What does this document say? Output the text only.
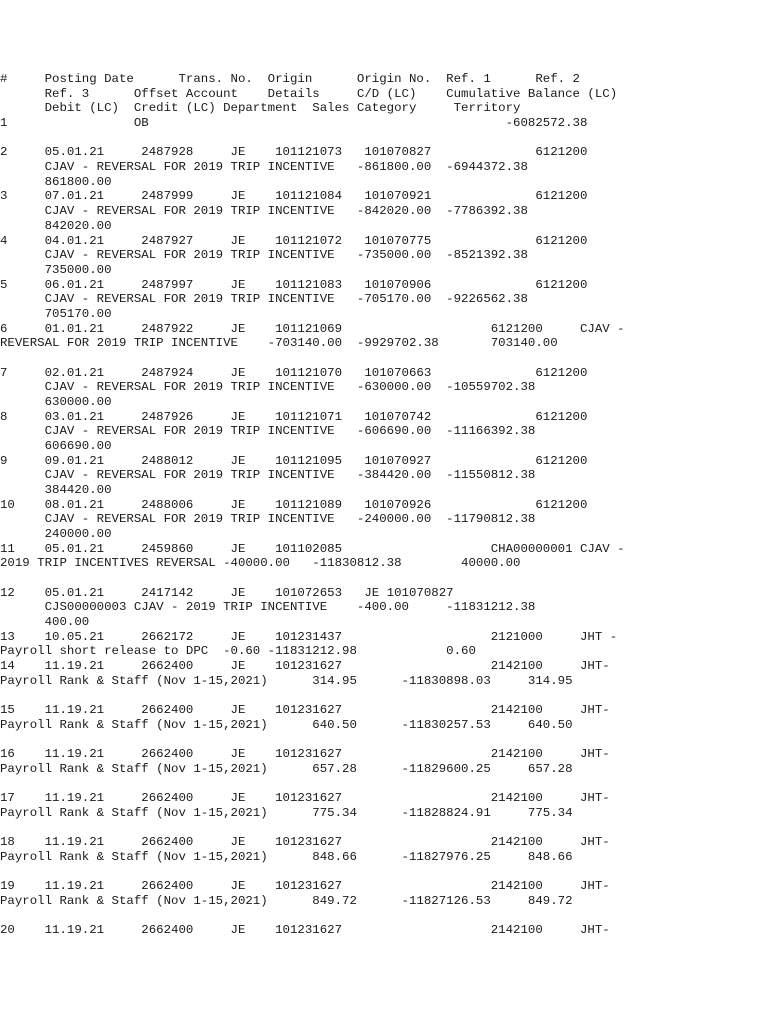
#     Posting Date      Trans. No.  Origin      Origin No.  Ref. 1      Ref. 2
Ref. 3      Offset Account    Details     C/D (LC)    Cumulative Balance (LC)
Debit (LC)  Credit (LC) Department  Sales Category     Territory
1                 OB                                                -6082572.38
2     05.01.21     2487928     JE    101121073   101070827              6121200
CJAV - REVERSAL FOR 2019 TRIP INCENTIVE   -861800.00  -6944372.38
861800.00
3     07.01.21     2487999     JE    101121084   101070921              6121200
CJAV - REVERSAL FOR 2019 TRIP INCENTIVE   -842020.00  -7786392.38
842020.00
4     04.01.21     2487927     JE    101121072   101070775              6121200
CJAV - REVERSAL FOR 2019 TRIP INCENTIVE   -735000.00  -8521392.38
735000.00
5     06.01.21     2487997     JE    101121083   101070906              6121200
CJAV - REVERSAL FOR 2019 TRIP INCENTIVE   -705170.00  -9226562.38
705170.00
6     01.01.21     2487922     JE    101121069                    6121200     CJAV -
REVERSAL FOR 2019 TRIP INCENTIVE    -703140.00  -9929702.38       703140.00
7     02.01.21     2487924     JE    101121070   101070663              6121200
CJAV - REVERSAL FOR 2019 TRIP INCENTIVE   -630000.00  -10559702.38
630000.00
8     03.01.21     2487926     JE    101121071   101070742              6121200
CJAV - REVERSAL FOR 2019 TRIP INCENTIVE   -606690.00  -11166392.38
606690.00
9     09.01.21     2488012     JE    101121095   101070927              6121200
CJAV - REVERSAL FOR 2019 TRIP INCENTIVE   -384420.00  -11550812.38
384420.00
10    08.01.21     2488006     JE    101121089   101070926              6121200
CJAV - REVERSAL FOR 2019 TRIP INCENTIVE   -240000.00  -11790812.38
240000.00
11    05.01.21     2459860     JE    101102085                    CHA00000001 CJAV -
2019 TRIP INCENTIVES REVERSAL -40000.00   -11830812.38        40000.00
12    05.01.21     2417142     JE    101072653   JE 101070827
CJS00000003 CJAV - 2019 TRIP INCENTIVE    -400.00     -11831212.38
400.00
13    10.05.21     2662172     JE    101231437                    2121000     JHT -
Payroll short release to DPC  -0.60 -11831212.98            0.60
14    11.19.21     2662400     JE    101231627                    2142100     JHT-
Payroll Rank & Staff (Nov 1-15,2021)      314.95      -11830898.03     314.95
15    11.19.21     2662400     JE    101231627                    2142100     JHT-
Payroll Rank & Staff (Nov 1-15,2021)      640.50      -11830257.53     640.50
16    11.19.21     2662400     JE    101231627                    2142100     JHT-
Payroll Rank & Staff (Nov 1-15,2021)      657.28      -11829600.25     657.28
17    11.19.21     2662400     JE    101231627                    2142100     JHT-
Payroll Rank & Staff (Nov 1-15,2021)      775.34      -11828824.91     775.34
18    11.19.21     2662400     JE    101231627                    2142100     JHT-
Payroll Rank & Staff (Nov 1-15,2021)      848.66      -11827976.25     848.66
19    11.19.21     2662400     JE    101231627                    2142100     JHT-
Payroll Rank & Staff (Nov 1-15,2021)      849.72      -11827126.53     849.72
20    11.19.21     2662400     JE    101231627                    2142100     JHT-
